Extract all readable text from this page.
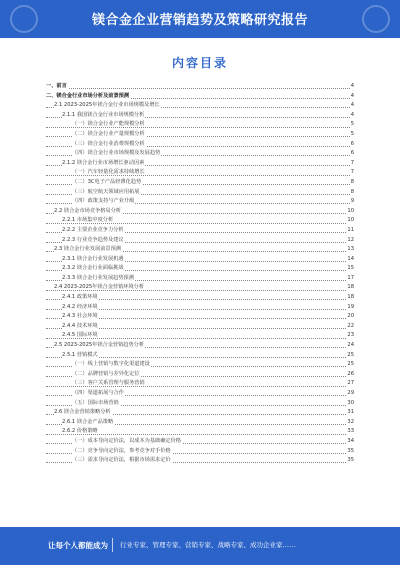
镁合金企业营销趋势及策略研究报告
内容目录
一、前言	4
二、镁合金行业市场分析及前景预测	4
2.1 2023-2025年镁合金行业市场规模及增长	4
2.1.1 我国镁合金行业市场规模分析	4
（一）镁合金行业产能规模分析	5
（二）镁合金行业产量规模分析	5
（三）镁合金行业消费规模分析	6
（四）镁合金行业市场规模及发展趋势	6
2.1.2 镁合金行业市场增长驱动因素	7
（一）汽车轻量化需求持续增长	7
（二）3C电子产品轻薄化趋势	8
（三）航空航天领域应用拓展	8
（四）政策支持与产业升级	9
2.2 镁合金市场竞争格局分析	10
2.2.1 市场集中度分析	10
2.2.2 主要企业竞争力分析	11
2.2.3 行业竞争趋势及建议	12
2.3 镁合金行业发展前景预测	13
2.3.1 镁合金行业发展机遇	14
2.3.2 镁合金行业面临挑战	15
2.3.3 镁合金行业发展趋势预测	17
2.4 2023-2025年镁合金营销环境分析	18
2.4.1 政策环境	18
2.4.2 经济环境	19
2.4.3 社会环境	20
2.4.4 技术环境	22
2.4.5 国际环境	23
2.5 2023-2025年镁合金营销趋势分析	24
2.5.1 营销模式	25
（一）线上营销与数字化渠道建设	25
（二）品牌营销与差异化定位	26
（三）客户关系管理与服务营销	27
（四）渠道拓展与合作	29
（五）国际市场营销	30
2.6 镁合金营销策略分析	31
2.6.1 镁合金产品策略	32
2.6.2 价格策略	33
（一）成本导向定价法，以成本为基础确定价格	34
（二）竞争导向定价法，参考竞争对手价格	35
（三）需求导向定价法，根据市场需求定价	35
让每个人都能成为 行业专家、管理专家、营销专家、战略专家、成功企业家……
